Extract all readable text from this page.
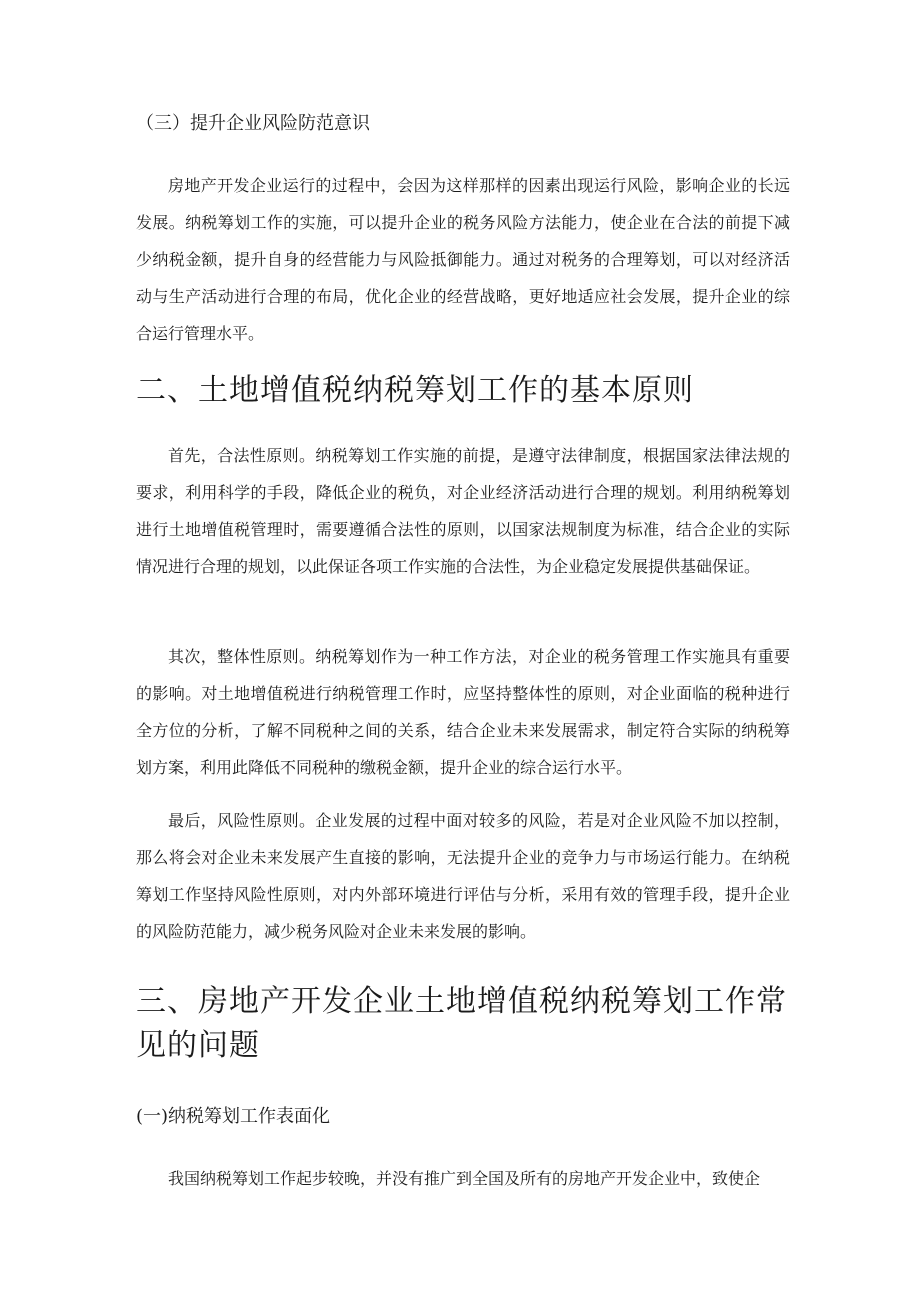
（三）提升企业风险防范意识

房地产开发企业运行的过程中，会因为这样那样的因素出现运行风险，影响企业的长远发展。纳税筹划工作的实施，可以提升企业的税务风险方法能力，使企业在合法的前提下减少纳税金额，提升自身的经营能力与风险抵御能力。通过对税务的合理筹划，可以对经济活动与生产活动进行合理的布局，优化企业的经营战略，更好地适应社会发展，提升企业的综合运行管理水平。

二、土地增值税纳税筹划工作的基本原则

首先，合法性原则。纳税筹划工作实施的前提，是遵守法律制度，根据国家法律法规的要求，利用科学的手段，降低企业的税负，对企业经济活动进行合理的规划。利用纳税筹划进行土地增值税管理时，需要遵循合法性的原则，以国家法规制度为标准，结合企业的实际情况进行合理的规划，以此保证各项工作实施的合法性，为企业稳定发展提供基础保证。

其次，整体性原则。纳税筹划作为一种工作方法，对企业的税务管理工作实施具有重要的影响。对土地增值税进行纳税管理工作时，应坚持整体性的原则，对企业面临的税种进行全方位的分析，了解不同税种之间的关系，结合企业未来发展需求，制定符合实际的纳税筹划方案，利用此降低不同税种的缴税金额，提升企业的综合运行水平。

最后，风险性原则。企业发展的过程中面对较多的风险，若是对企业风险不加以控制，那么将会对企业未来发展产生直接的影响，无法提升企业的竞争力与市场运行能力。在纳税筹划工作坚持风险性原则，对内外部环境进行评估与分析，采用有效的管理手段，提升企业的风险防范能力，减少税务风险对企业未来发展的影响。

三、房地产开发企业土地增值税纳税筹划工作常见的问题
(一)纳税筹划工作表面化

我国纳税筹划工作起步较晚，并没有推广到全国及所有的房地产开发企业中，致使企
